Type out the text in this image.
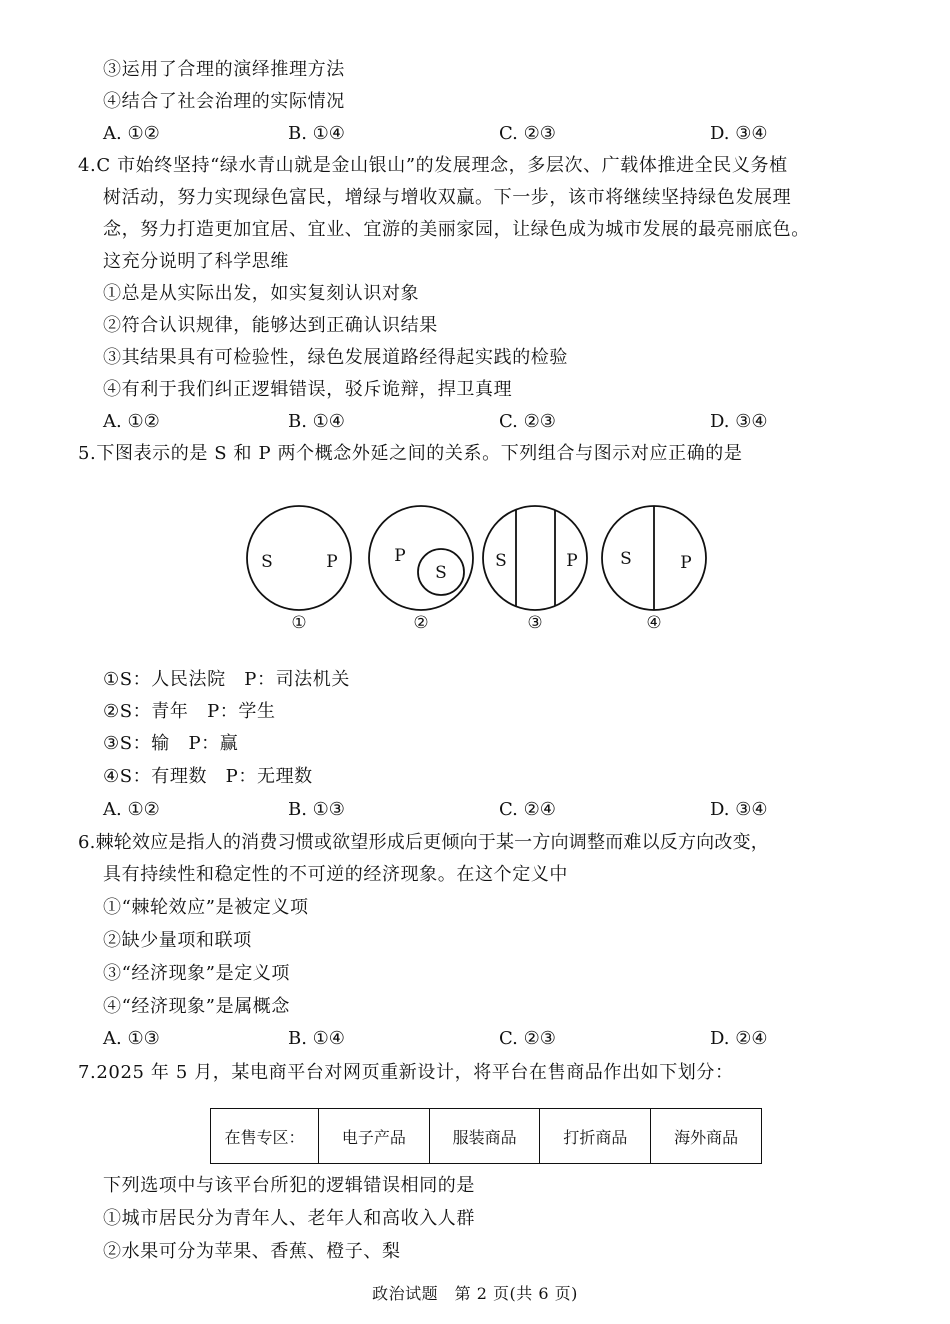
③运用了合理的演绎推理方法
④结合了社会治理的实际情况
A. ①②	B. ①④	C. ②③	D. ③④
4.C 市始终坚持“绿水青山就是金山银山”的发展理念，多层次、广载体推进全民义务植
树活动，努力实现绿色富民，增绿与增收双赢。下一步，该市将继续坚持绿色发展理
念，努力打造更加宜居、宜业、宜游的美丽家园，让绿色成为城市发展的最亮丽底色。
这充分说明了科学思维
①总是从实际出发，如实复刻认识对象
②符合认识规律，能够达到正确认识结果
③其结果具有可检验性，绿色发展道路经得起实践的检验
④有利于我们纠正逻辑错误，驳斥诡辩，捍卫真理
A. ①②	B. ①④	C. ②③	D. ③④
5.下图表示的是 S 和 P 两个概念外延之间的关系。下列组合与图示对应正确的是
S	P	P
S
S	P	S	P
①	②	③	④
①S：人民法院　P：司法机关
②S：青年　P：学生
③S：输　P：赢
④S：有理数　P：无理数
A. ①②	B. ①③	C. ②④	D. ③④
6.棘轮效应是指人的消费习惯或欲望形成后更倾向于某一方向调整而难以反方向改变，
具有持续性和稳定性的不可逆的经济现象。在这个定义中
①“棘轮效应”是被定义项
②缺少量项和联项
③“经济现象”是定义项
④“经济现象”是属概念
A. ①③	B. ①④	C. ②③	D. ②④
7.2025 年 5 月，某电商平台对网页重新设计，将平台在售商品作出如下划分：
在售专区：	电子产品	服装商品	打折商品	海外商品
下列选项中与该平台所犯的逻辑错误相同的是
①城市居民分为青年人、老年人和高收入人群
②水果可分为苹果、香蕉、橙子、梨
政治试题　第 2 页(共 6 页)
